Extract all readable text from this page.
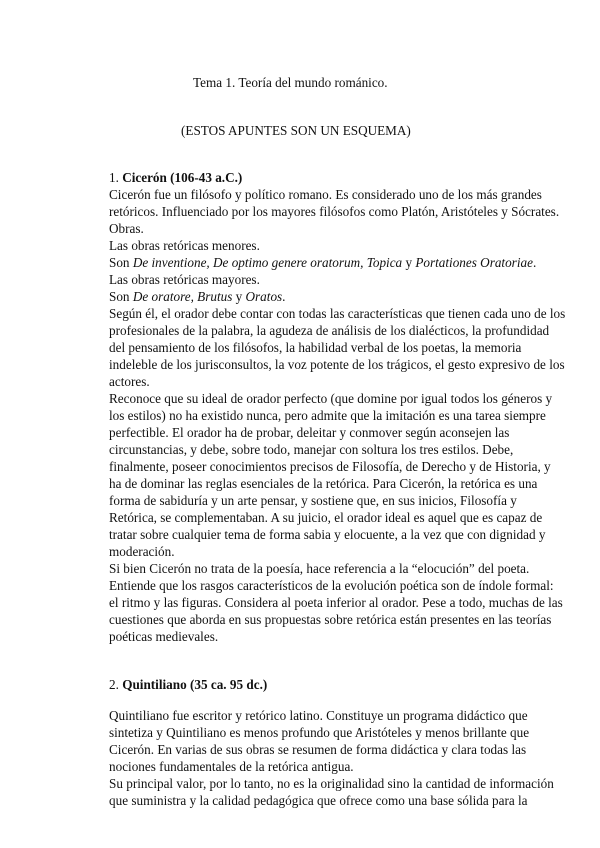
Tema 1. Teoría del mundo románico.
(ESTOS APUNTES SON UN ESQUEMA)
1. Cicerón (106-43 a.C.)
Cicerón fue un filósofo y político romano. Es considerado uno de los más grandes
retóricos. Influenciado por los mayores filósofos como Platón, Aristóteles y Sócrates.
Obras.
Las obras retóricas menores.
Son De inventione, De optimo genere oratorum, Topica y Portationes Oratoriae.
Las obras retóricas mayores.
Son De oratore, Brutus y Oratos.
Según él, el orador debe contar con todas las características que tienen cada uno de los
profesionales de la palabra, la agudeza de análisis de los dialécticos, la profundidad
del pensamiento de los filósofos, la habilidad verbal de los poetas, la memoria
indeleble de los jurisconsultos, la voz potente de los trágicos, el gesto expresivo de los
actores.
Reconoce que su ideal de orador perfecto (que domine por igual todos los géneros y
los estilos) no ha existido nunca, pero admite que la imitación es una tarea siempre
perfectible. El orador ha de probar, deleitar y conmover según aconsejen las
circunstancias, y debe, sobre todo, manejar con soltura los tres estilos. Debe,
finalmente, poseer conocimientos precisos de Filosofía, de Derecho y de Historia, y
ha de dominar las reglas esenciales de la retórica. Para Cicerón, la retórica es una
forma de sabiduría y un arte pensar, y sostiene que, en sus inicios, Filosofía y
Retórica, se complementaban. A su juicio, el orador ideal es aquel que es capaz de
tratar sobre cualquier tema de forma sabia y elocuente, a la vez que con dignidad y
moderación.
Si bien Cicerón no trata de la poesía, hace referencia a la “elocución” del poeta.
Entiende que los rasgos característicos de la evolución poética son de índole formal:
el ritmo y las figuras. Considera al poeta inferior al orador. Pese a todo, muchas de las
cuestiones que aborda en sus propuestas sobre retórica están presentes en las teorías
poéticas medievales.
2. Quintiliano (35 ca. 95 dc.)
Quintiliano fue escritor y retórico latino. Constituye un programa didáctico que
sintetiza y Quintiliano es menos profundo que Aristóteles y menos brillante que
Cicerón. En varias de sus obras se resumen de forma didáctica y clara todas las
nociones fundamentales de la retórica antigua.
Su principal valor, por lo tanto, no es la originalidad sino la cantidad de información
que suministra y la calidad pedagógica que ofrece como una base sólida para la
